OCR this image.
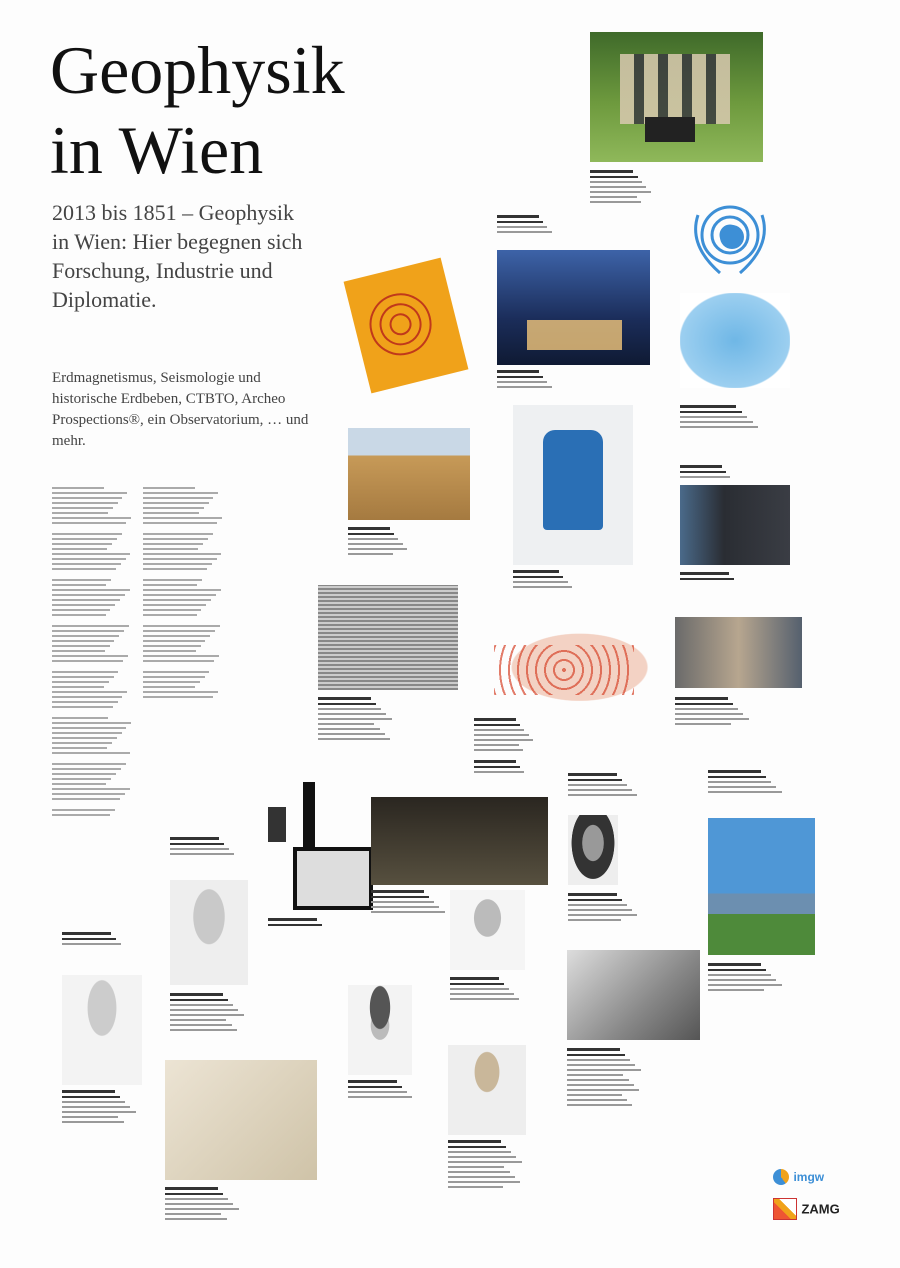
Geophysik
in Wien
2013 bis 1851 – Geophysik in Wien: Hier begegnen sich Forschung, Industrie und Diplomatie.
Erdmagnetismus, Seismologie und historische Erdbeben, CTBTO, Archeo Prospections®, ein Observatorium, … und mehr.
imgw
ZAMG
